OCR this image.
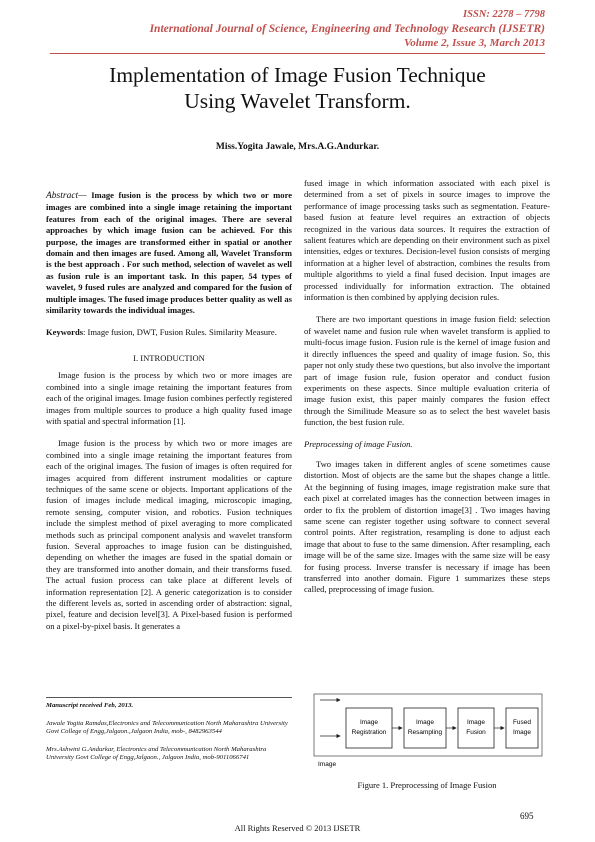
ISSN: 2278 – 7798
International Journal of Science, Engineering and Technology Research (IJSETR)
Volume 2, Issue 3, March 2013
Implementation of Image Fusion Technique
Using Wavelet Transform.
Miss.Yogita Jawale, Mrs.A.G.Andurkar.

Abstract— Image fusion is the process by which two or more images are combined into a single image retaining the important features from each of the original images. There are several approaches by which image fusion can be achieved. For this purpose, the images are transformed either in spatial or another domain and then images are fused. Among all, Wavelet Transform is the best approach . For such method, selection of wavelet as well as fusion rule is an important task. In this paper, 54 types of wavelet, 9 fused rules are analyzed and compared for the fusion of multiple images. The fused image produces better quality as well as similarity towards the individual images.

Keywords: Image fusion, DWT, Fusion Rules. Similarity Measure.

I. INTRODUCTION

Image fusion is the process by which two or more images are combined into a single image retaining the important features from each of the original images. Image fusion combines perfectly registered images from multiple sources to produce a high quality fused image with spatial and spectral information [1].

Image fusion is the process by which two or more images are combined into a single image retaining the important features from each of the original images. The fusion of images is often required for images acquired from different instrument modalities or capture techniques of the same scene or objects. Important applications of the fusion of images include medical imaging, microscopic imaging, remote sensing, computer vision, and robotics. Fusion techniques include the simplest method of pixel averaging to more complicated methods such as principal component analysis and wavelet transform fusion. Several approaches to image fusion can be distinguished, depending on whether the images are fused in the spatial domain or they are transformed into another domain, and their transforms fused. The actual fusion process can take place at different levels of information representation [2]. A generic categorization is to consider the different levels as, sorted in ascending order of abstraction: signal, pixel, feature and decision level[3]. A Pixel-based fusion is performed on a pixel-by-pixel basis. It generates a

Manuscript received Feb, 2013.

Jawale Yogita Ramdas,Electronics and Telecommunication North Maharashtra University Govt College of Engg,Jalgaon.,Jalgaon India, mob-, 8482963544

Mrs.Ashwini G.Andurkar, Electronics and Telecommunication North Maharashtra University Govt College of Engg,Jalgaon., Jalgaon India, mob-9011066741

fused image in which information associated with each pixel is determined from a set of pixels in source images to improve the performance of image processing tasks such as segmentation. Feature-based fusion at feature level requires an extraction of objects recognized in the various data sources. It requires the extraction of salient features which are depending on their environment such as pixel intensities, edges or textures. Decision-level fusion consists of merging information at a higher level of abstraction, combines the results from multiple algorithms to yield a final fused decision. Input images are processed individually for information extraction. The obtained information is then combined by applying decision rules.

There are two important questions in image fusion field: selection of wavelet name and fusion rule when wavelet transform is applied to multi-focus image fusion. Fusion rule is the kernel of image fusion and it directly influences the speed and quality of image fusion. So, this paper not only study these two questions, but also involve the important part of image fusion rule, fusion operator and conduct fusion experiments on these aspects. Since multiple evaluation criteria of image fusion exist, this paper mainly compares the fusion effect through the Similitude Measure so as to select the best wavelet basis function, the best fusion rule.

Preprocessing of image Fusion.

Two images taken in different angles of scene sometimes cause distortion. Most of objects are the same but the shapes change a little. At the beginning of fusing images, image registration make sure that each pixel at correlated images has the connection between images in order to fix the problem of distortion image[3] . Two images having same scene can register together using software to connect several control points. After registration, resampling is done to adjust each image that about to fuse to the same dimension. After resampling, each image will be of the same size. Images with the same size will be easy for fusing process. Inverse transfer is necessary if image has been transferred into another domain. Figure 1 summarizes these steps called, preprocessing of image fusion.

Image
Registration
Image
Resampling
Image
Fusion
Fused
Image
Image
Figure 1. Preprocessing of Image Fusion
695
All Rights Reserved © 2013 IJSETR
